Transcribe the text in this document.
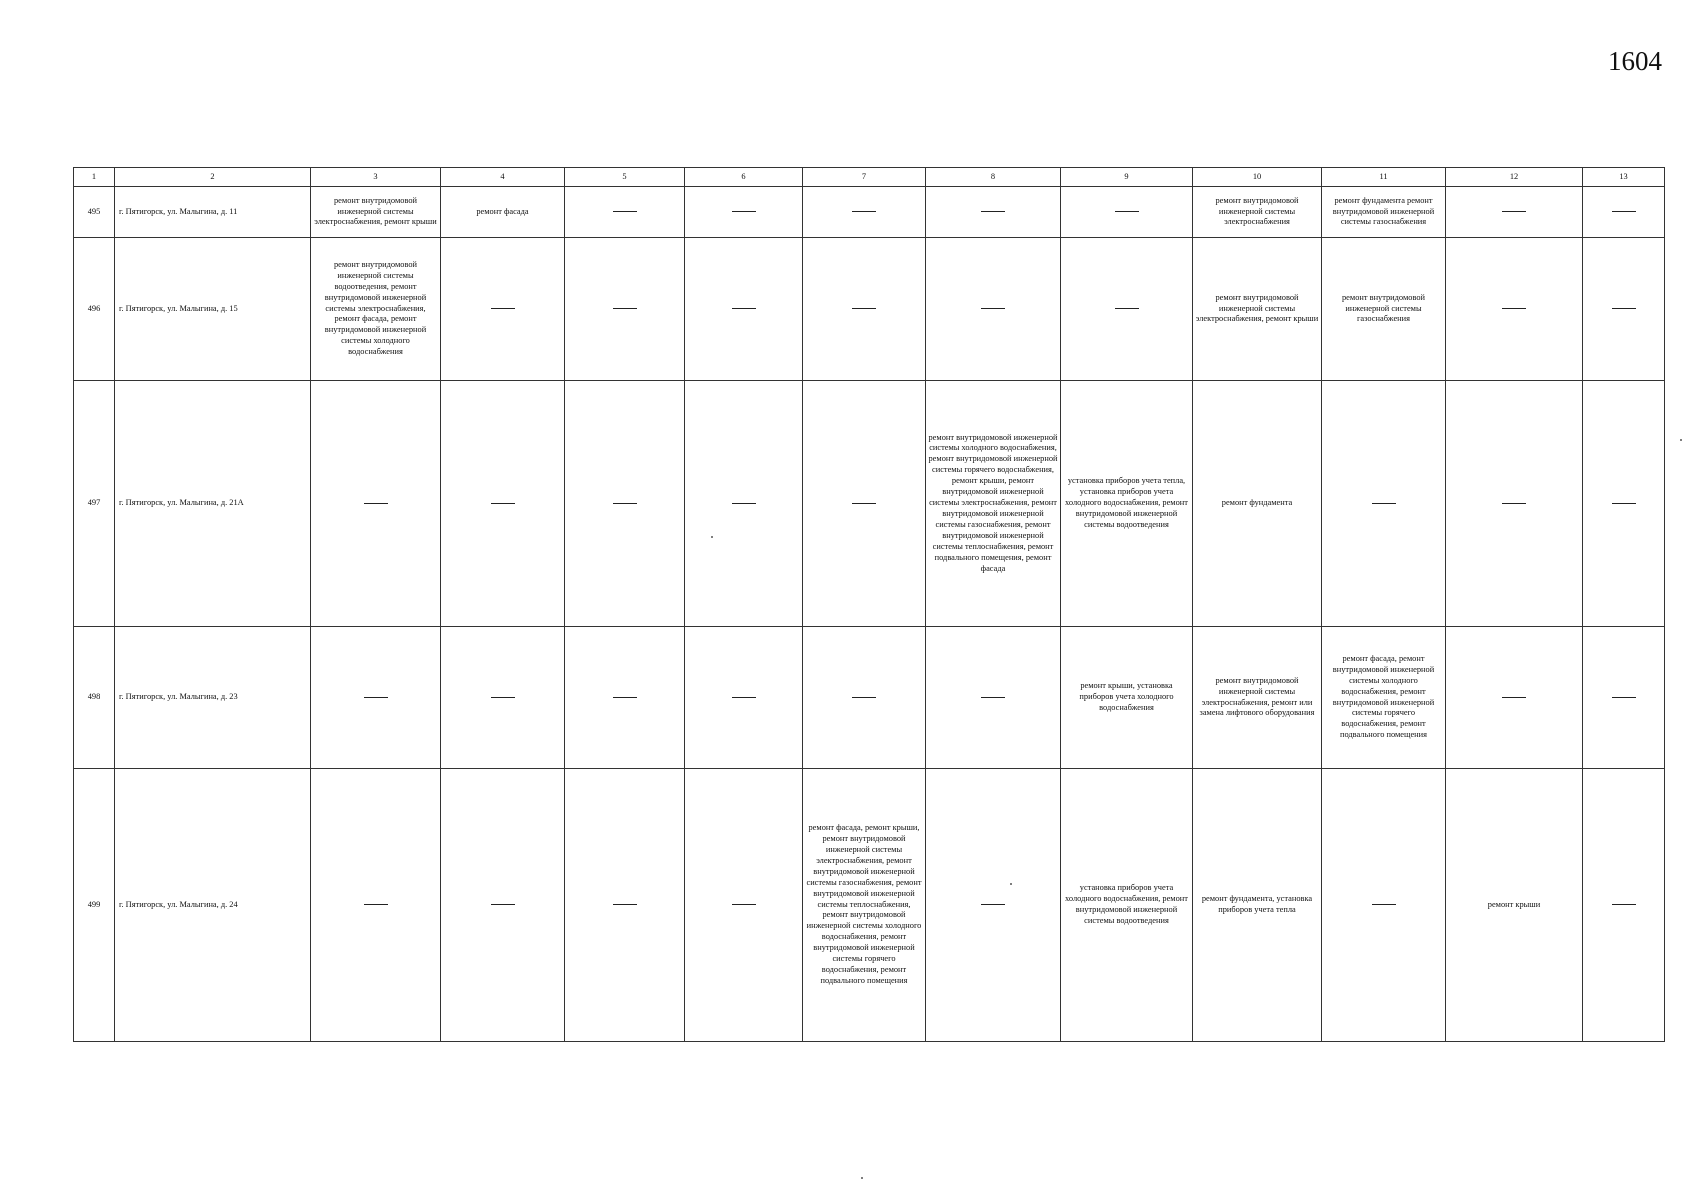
1604
1	2	3	4	5	6	7	8	9	10	11	12	13
495	г. Пятигорск, ул. Малыгина, д. 11	ремонт внутридомовой инженерной системы электроснабжения, ремонт крыши	ремонт фасада						ремонт внутридомовой инженерной системы электроснабжения	ремонт фундамента ремонт внутридомовой инженерной системы газоснабжения		
496	г. Пятигорск, ул. Малыгина, д. 15	ремонт внутридомовой инженерной системы водоотведения, ремонт внутридомовой инженерной системы электроснабжения, ремонт фасада, ремонт внутридомовой инженерной системы холодного водоснабжения							ремонт внутридомовой инженерной системы электроснабжения, ремонт крыши	ремонт внутридомовой инженерной системы газоснабжения		
497	г. Пятигорск, ул. Малыгина, д. 21А						ремонт внутридомовой инженерной системы холодного водоснабжения, ремонт внутридомовой инженерной системы горячего водоснабжения, ремонт крыши, ремонт внутридомовой инженерной системы электроснабжения, ремонт внутридомовой инженерной системы газоснабжения, ремонт внутридомовой инженерной системы теплоснабжения, ремонт подвального помещения, ремонт фасада	установка приборов учета тепла, установка приборов учета холодного водоснабжения, ремонт внутридомовой инженерной системы водоотведения	ремонт фундамента			
498	г. Пятигорск, ул. Малыгина, д. 23							ремонт крыши, установка приборов учета холодного водоснабжения	ремонт внутридомовой инженерной системы электроснабжения, ремонт или замена лифтового оборудования	ремонт фасада, ремонт внутридомовой инженерной системы холодного водоснабжения, ремонт внутридомовой инженерной системы горячего водоснабжения, ремонт подвального помещения		
499	г. Пятигорск, ул. Малыгина, д. 24					ремонт фасада, ремонт крыши, ремонт внутридомовой инженерной системы электроснабжения, ремонт внутридомовой инженерной системы газоснабжения, ремонт внутридомовой инженерной системы теплоснабжения, ремонт внутридомовой инженерной системы холодного водоснабжения, ремонт внутридомовой инженерной системы горячего водоснабжения, ремонт подвального помещения		установка приборов учета холодного водоснабжения, ремонт внутридомовой инженерной системы водоотведения	ремонт фундамента, установка приборов учета тепла		ремонт крыши	
